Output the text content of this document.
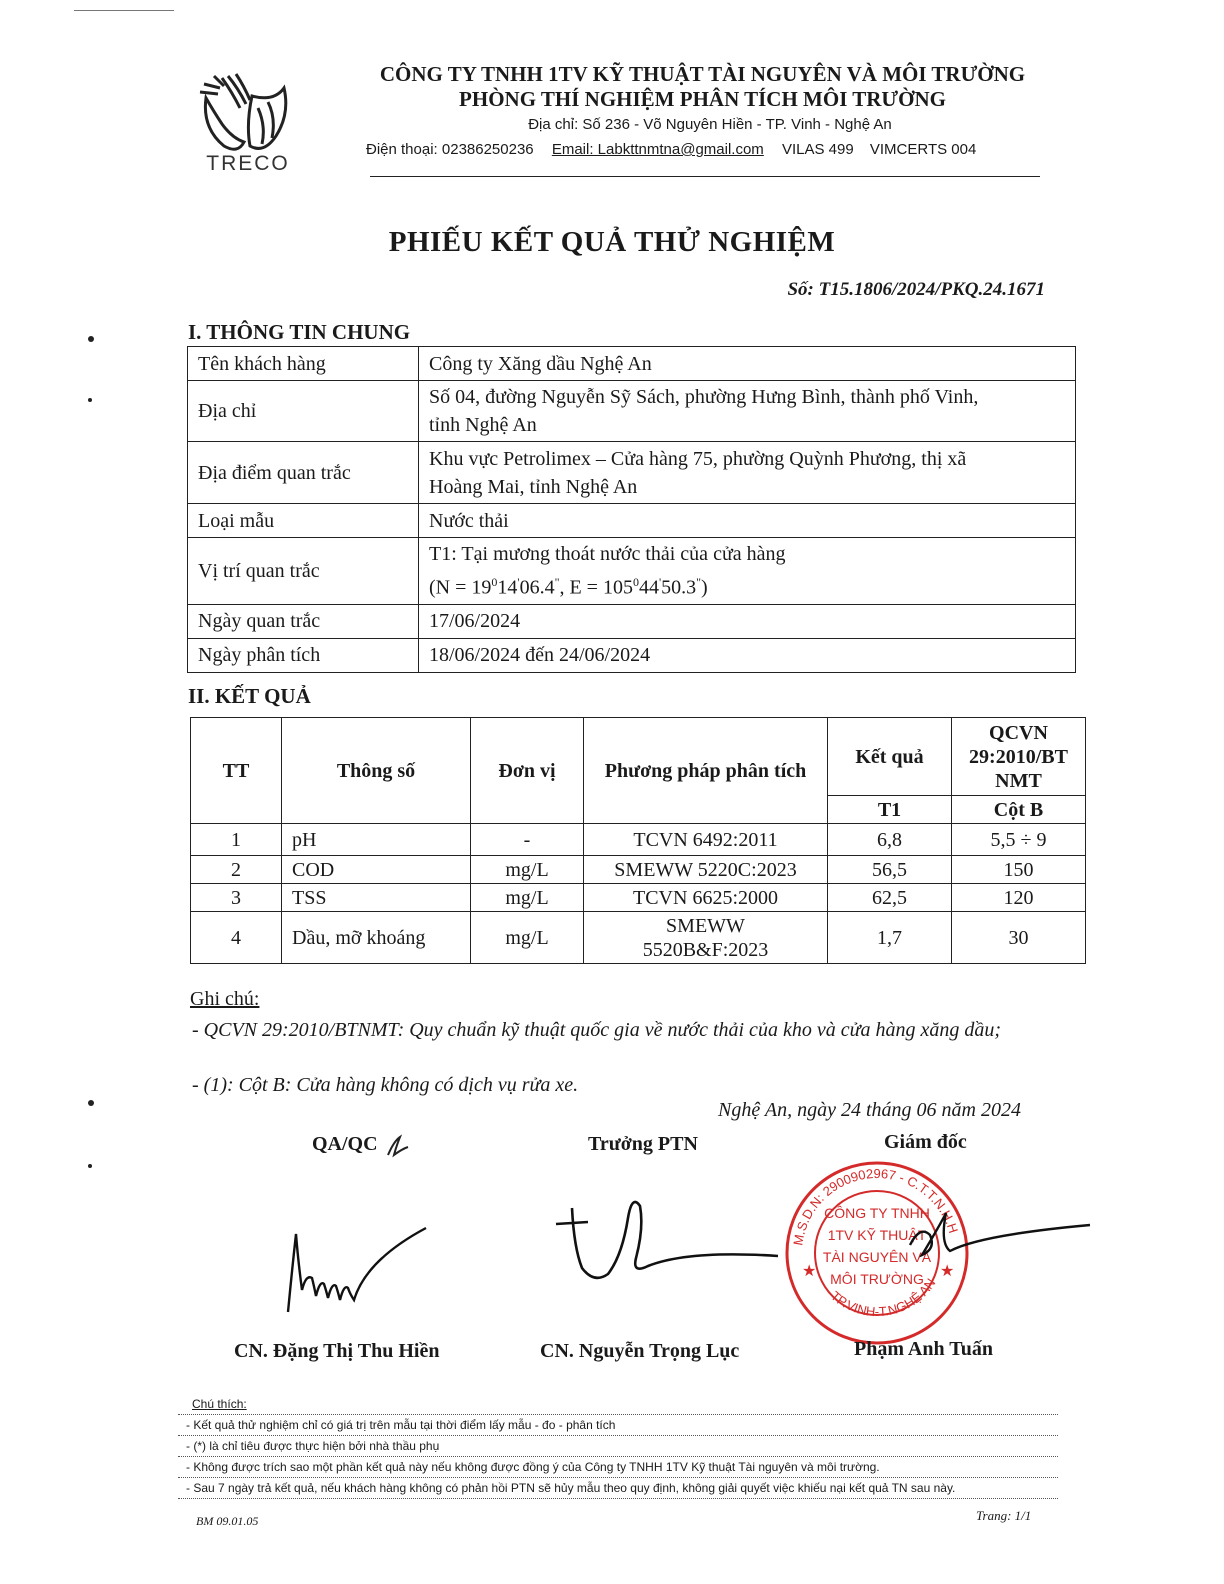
TRECO
CÔNG TY TNHH 1TV KỸ THUẬT TÀI NGUYÊN VÀ MÔI TRƯỜNG
PHÒNG THÍ NGHIỆM PHÂN TÍCH MÔI TRƯỜNG
Địa chỉ: Số 236 - Võ Nguyên Hiền - TP. Vinh - Nghệ An
Điện thoại: 02386250236 Email: Labkttnmtna@gmail.com VILAS 499 VIMCERTS 004
PHIẾU KẾT QUẢ THỬ NGHIỆM
Số: T15.1806/2024/PKQ.24.1671
I. THÔNG TIN CHUNG
Tên khách hàng	Công ty Xăng dầu Nghệ An
Địa chỉ	Số 04, đường Nguyễn Sỹ Sách, phường Hưng Bình, thành phố Vinh,
tỉnh Nghệ An

Địa điểm quan trắc	Khu vực Petrolimex – Cửa hàng 75, phường Quỳnh Phương, thị xã
Hoàng Mai, tỉnh Nghệ An

Loại mẫu	Nước thải
Vị trí quan trắc	T1: Tại mương thoát nước thải của cửa hàng
($N = 19^014'06.4^"$, $E = 105^044'50.3^"$)

Ngày quan trắc	17/06/2024
Ngày phân tích	18/06/2024 đến 24/06/2024
II. KẾT QUẢ
TT	Thông số	Đơn vị	Phương pháp phân tích	Kết quả	QCVN 29:2010/BT NMT
				T1	Cột B
1	pH	-	TCVN 6492:2011	6,8	5,5 ÷ 9
2	COD	mg/L	SMEWW 5220C:2023	56,5	150
3	TSS	mg/L	TCVN 6625:2000	62,5	120
4	Dầu, mỡ khoáng	mg/L	SMEWW
5520B&F:2023	1,7	30
Ghi chú:
- QCVN 29:2010/BTNMT: Quy chuẩn kỹ thuật quốc gia về nước thải của kho và cửa hàng xăng dầu;
- (1): Cột B: Cửa hàng không có dịch vụ rửa xe.
Nghệ An, ngày 24 tháng 06 năm 2024
QA/QC	Trưởng PTN	Giám đốc
M.S.D.N: 2900902967 - C.T.T.N.H.H
TP.VINH-T.NGHỆ AN
CÔNG TY TNHH
1TV KỸ THUẬT
TÀI NGUYÊN VÀ
MÔI TRƯỜNG
★	★
CN. Đặng Thị Thu Hiền	CN. Nguyễn Trọng Lục	Phạm Anh Tuấn
Chú thích:
- Kết quả thử nghiệm chỉ có giá trị trên mẫu tại thời điểm lấy mẫu - đo - phân tích
- (*) là chỉ tiêu được thực hiện bởi nhà thầu phụ
- Không được trích sao một phần kết quả này nếu không được đồng ý của Công ty TNHH 1TV Kỹ thuật Tài nguyên và môi trường.
- Sau 7 ngày trả kết quả, nếu khách hàng không có phản hồi PTN sẽ hủy mẫu theo quy định, không giải quyết việc khiếu nại kết quả TN sau này.
BM 09.01.05	Trang: 1/1
